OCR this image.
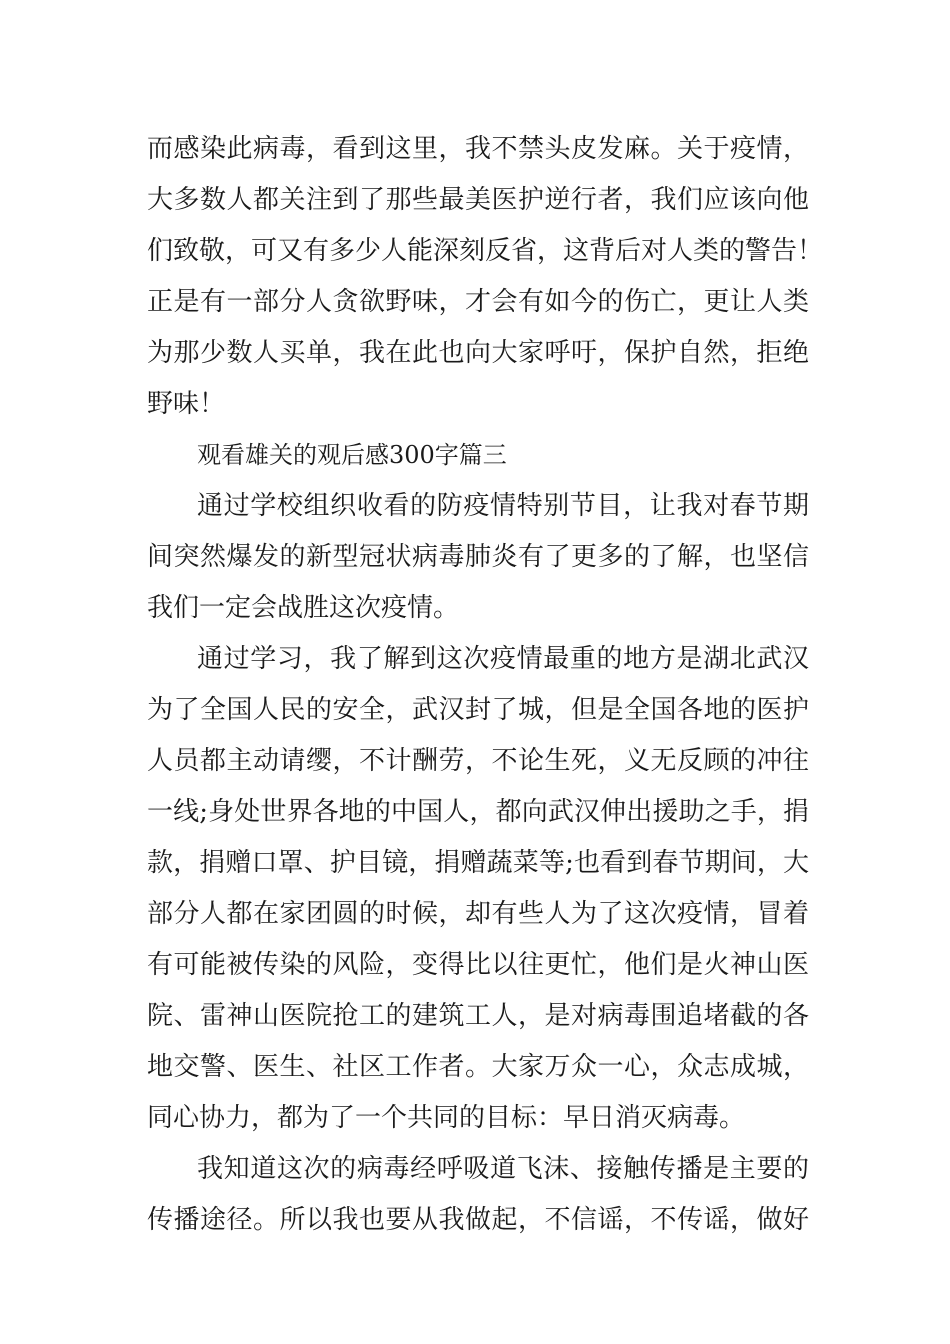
而感染此病毒，看到这里，我不禁头皮发麻。关于疫情，
大多数人都关注到了那些最美医护逆行者，我们应该向他
们致敬，可又有多少人能深刻反省，这背后对人类的警告！
正是有一部分人贪欲野味，才会有如今的伤亡，更让人类
为那少数人买单，我在此也向大家呼吁，保护自然，拒绝
野味！
观看雄关的观后感300字篇三
通过学校组织收看的防疫情特别节目，让我对春节期
间突然爆发的新型冠状病毒肺炎有了更多的了解，也坚信
我们一定会战胜这次疫情。
通过学习，我了解到这次疫情最重的地方是湖北武汉
为了全国人民的安全，武汉封了城，但是全国各地的医护
人员都主动请缨，不计酬劳，不论生死，义无反顾的冲往
一线;身处世界各地的中国人，都向武汉伸出援助之手，捐
款，捐赠口罩、护目镜，捐赠蔬菜等;也看到春节期间，大
部分人都在家团圆的时候，却有些人为了这次疫情，冒着
有可能被传染的风险，变得比以往更忙，他们是火神山医
院、雷神山医院抢工的建筑工人，是对病毒围追堵截的各
地交警、医生、社区工作者。大家万众一心，众志成城，
同心协力，都为了一个共同的目标：早日消灭病毒。
我知道这次的病毒经呼吸道飞沫、接触传播是主要的
传播途径。所以我也要从我做起，不信谣，不传谣，做好
